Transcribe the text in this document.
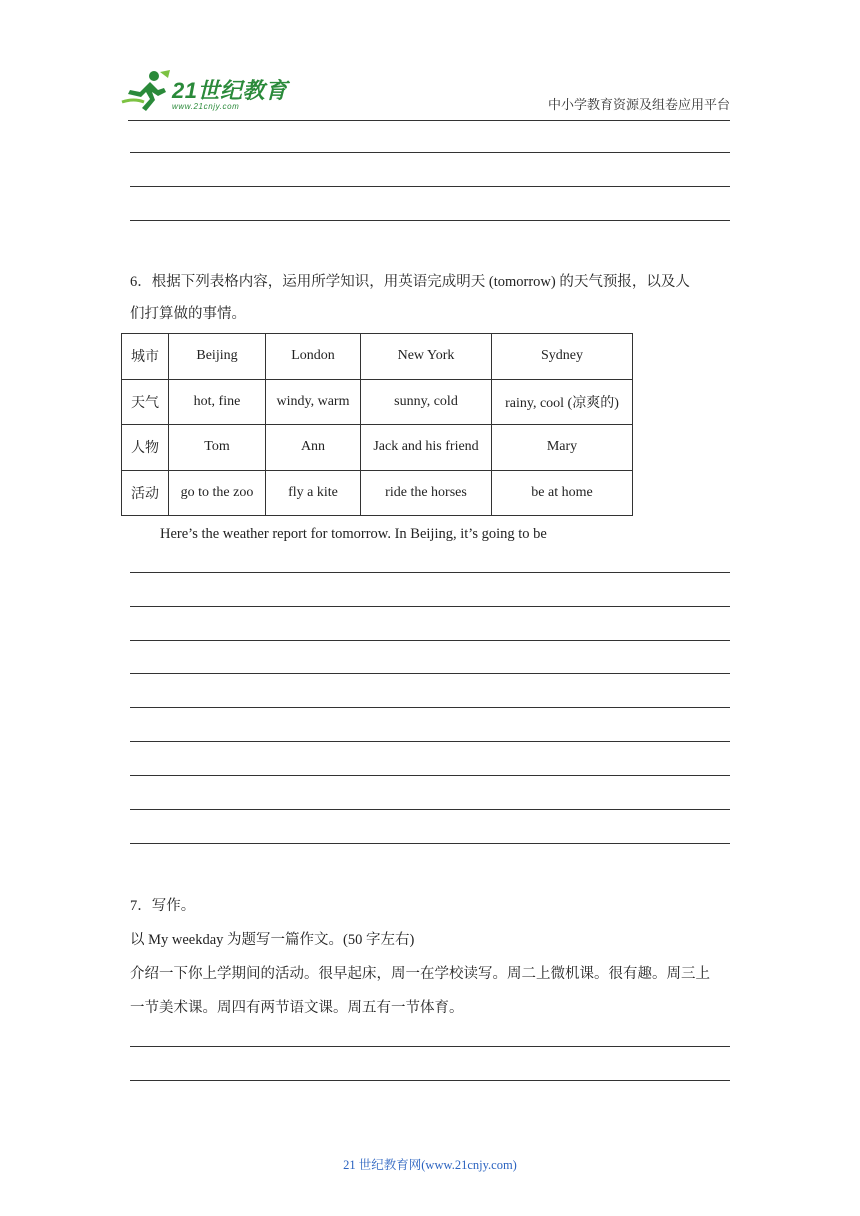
21世纪教育
www.21cnjy.com	中小学教育资源及组卷应用平台
6．根据下列表格内容，运用所学知识，用英语完成明天 (tomorrow) 的天气预报，以及人
们打算做的事情。
城市	Beijing	London	New York	Sydney
天气	hot, fine	windy, warm	sunny, cold	rainy, cool (凉爽的)
人物	Tom	Ann	Jack and his friend	Mary
活动	go to the zoo	fly a kite	ride the horses	be at home
Here’s the weather report for tomorrow. In Beijing, it’s going to be
7．写作。
以 My weekday 为题写一篇作文。(50 字左右)
介绍一下你上学期间的活动。很早起床，周一在学校读写。周二上微机课。很有趣。周三上
一节美术课。周四有两节语文课。周五有一节体育。
21 世纪教育网(www.21cnjy.com)
